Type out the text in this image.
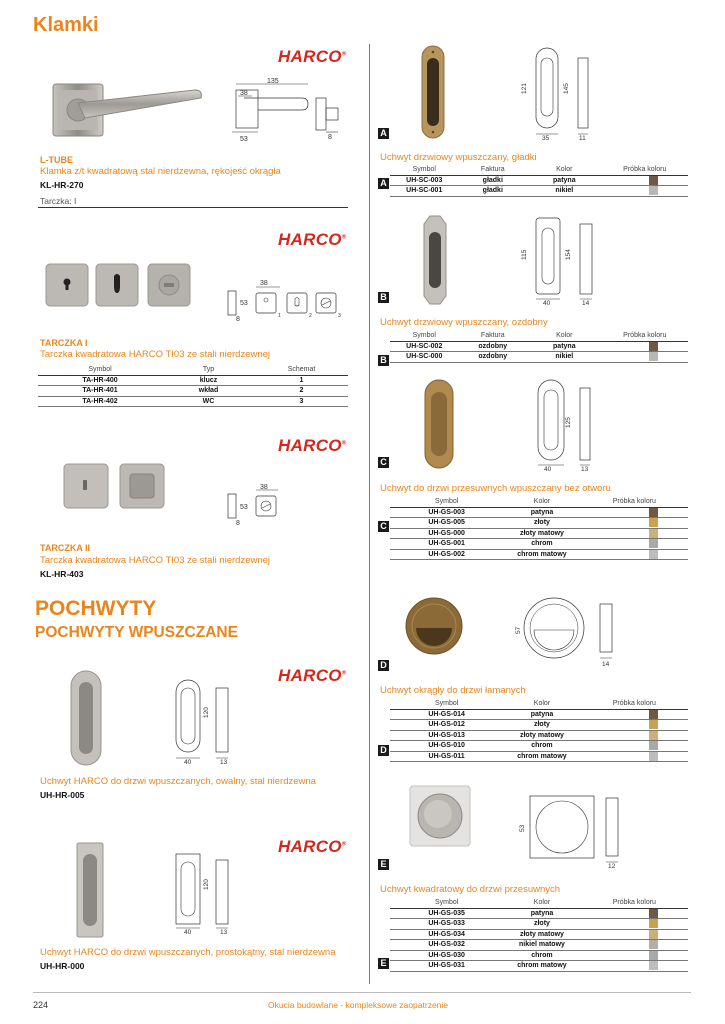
Klamki
HARCO®
135
38
53	8
L-TUBE
Klamka z/t kwadratową stal nierdzewna, rękojeść okrągła
KL-HR-270
Tarczka: I
HARCO®
38
53
8	1	2	3
TARCZKA I
Tarczka kwadratowa HARCO TI03 ze stali nierdzewnej
Symbol	Typ	Schemat
TA-HR-400	klucz	1
TA-HR-401	wkład	2
TA-HR-402	WC	3
HARCO®
38
53
8
TARCZKA II
Tarczka kwadratowa HARCO TI03 ze stali nierdzewnej
KL-HR-403
POCHWYTY
POCHWYTY WPUSZCZANE
HARCO®
120
40	13
Uchwyt HARCO do drzwi wpuszczanych, owalny, stal nierdzewna
UH-HR-005
HARCO®
120
40	13
Uchwyt HARCO do drzwi wpuszczanych, prostokątny, stal nierdzewna
UH-HR-000
121	145
35	11
A
Uchwyt drzwiowy wpuszczany, gładki
A
Symbol	Faktura	Kolor	Próbka koloru
UH-SC-003	gładki	patyna	
UH-SC-001	gładki	nikiel	
115	154
40	14
B
Uchwyt drzwiowy wpuszczany, ozdobny
B
Symbol	Faktura	Kolor	Próbka koloru
UH-SC-002	ozdobny	patyna	
UH-SC-000	ozdobny	nikiel	
125
40	13
C
Uchwyt do drzwi przesuwnych wpuszczany bez otworu
C
	Symbol	Kolor	Próbka koloru
	UH-GS-003	patyna	
	UH-GS-005	złoty	
	UH-GS-000	złoty matowy	
	UH-GS-001	chrom	
	UH-GS-002	chrom matowy	
57
14
D
Uchwyt okrągły do drzwi łamanych
D
	Symbol	Kolor	Próbka koloru
	UH-GS-014	patyna	
	UH-GS-012	złoty	
	UH-GS-013	złoty matowy	
	UH-GS-010	chrom	
	UH-GS-011	chrom matowy	
53
12
E
Uchwyt kwadratowy do drzwi przesuwnych
E
	Symbol	Kolor	Próbka koloru
	UH-GS-035	patyna	
	UH-GS-033	złoty	
	UH-GS-034	złoty matowy	
	UH-GS-032	nikiel matowy	
	UH-GS-030	chrom	
	UH-GS-031	chrom matowy	
224	Okucia budowlane - kompleksowe zaopatrzenie
